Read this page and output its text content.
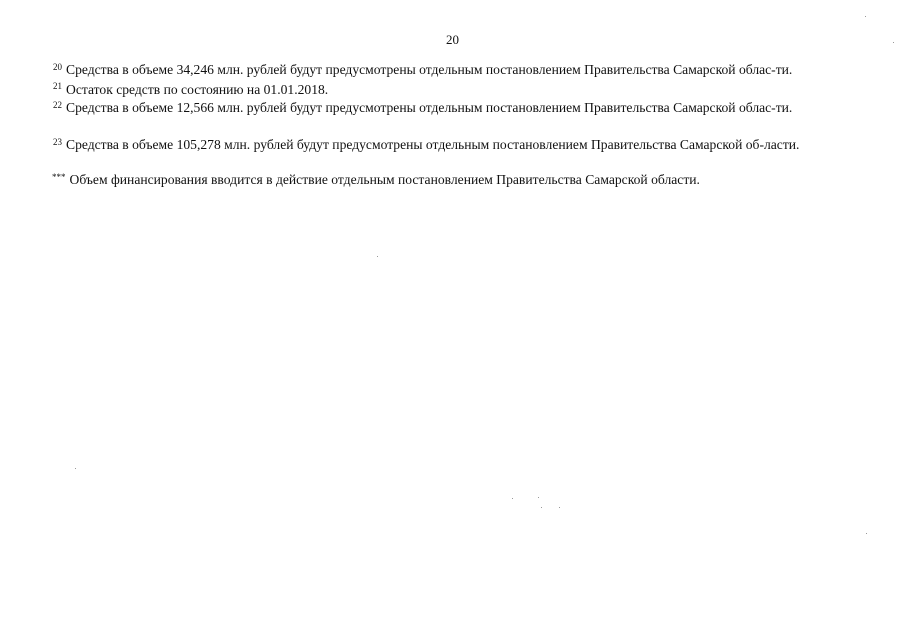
20

$^{20}$ Средства в объеме 34,246 млн. рублей будут предусмотрены отдельным постановлением Правительства Самарской облас-ти.

$^{21}$ Остаток средств по состоянию на 01.01.2018.

$^{22}$ Средства в объеме 12,566 млн. рублей будут предусмотрены отдельным постановлением Правительства Самарской облас-ти.

$^{23}$ Средства в объеме 105,278 млн. рублей будут предусмотрены отдельным постановлением Правительства Самарской об-ласти.

*** Объем финансирования вводится в действие отдельным постановлением Правительства Самарской области.
